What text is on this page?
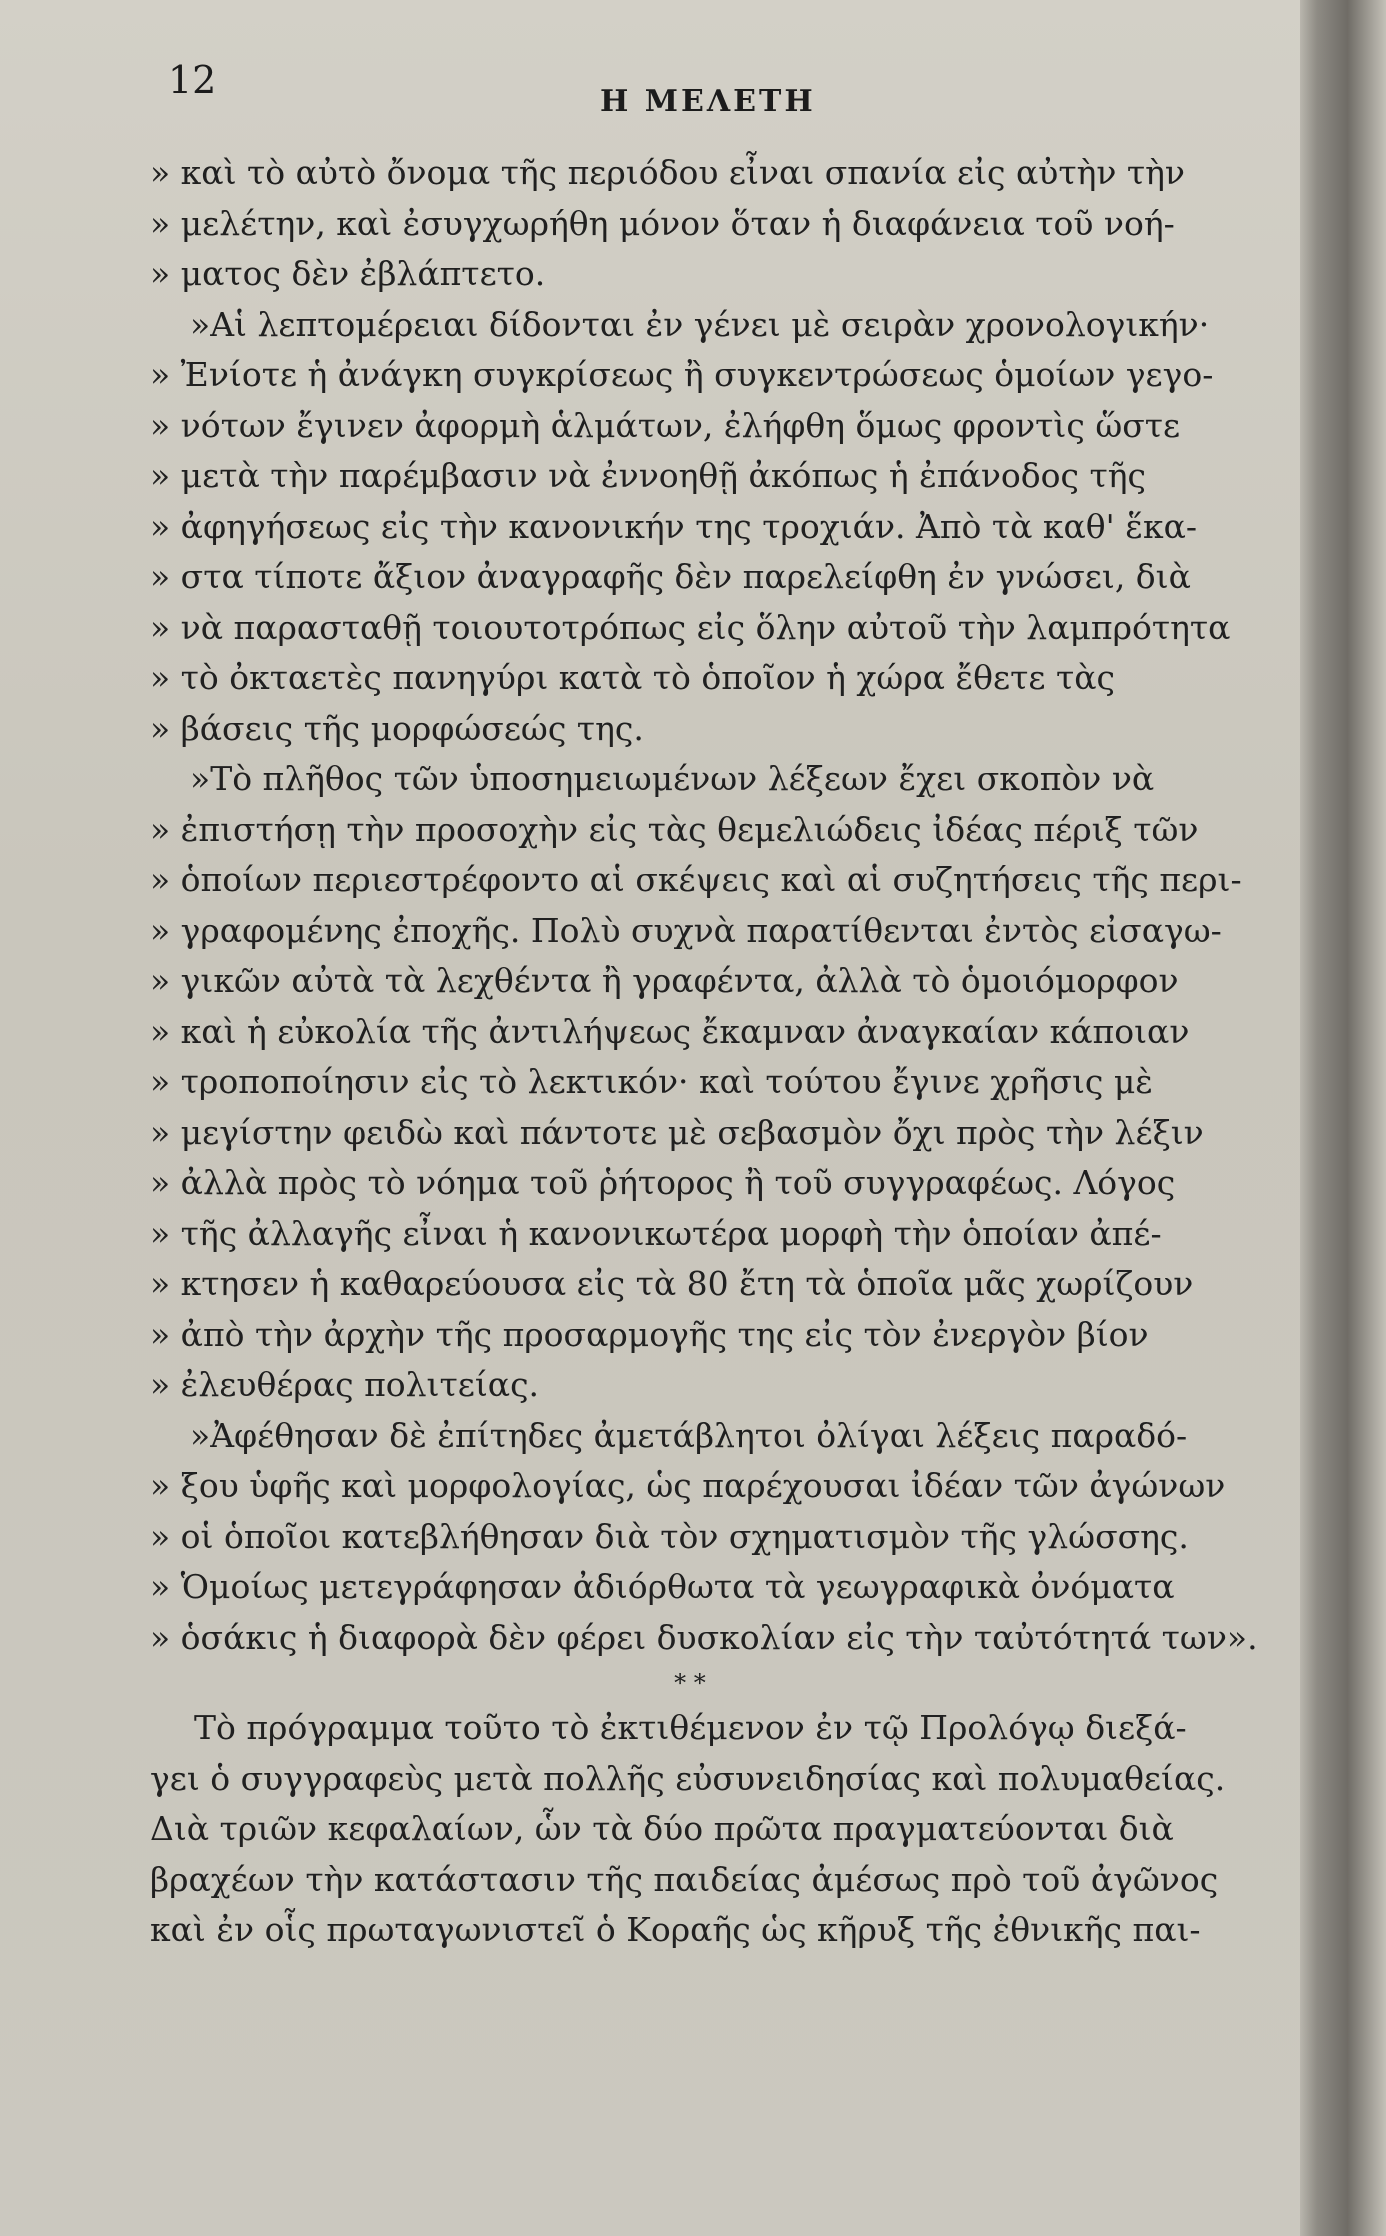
12	Η ΜΕΛΕΤΗ
» καὶ τὸ αὐτὸ ὄνομα τῆς περιόδου εἶναι σπανία εἰς αὐτὴν τὴν
» μελέτην, καὶ ἐσυγχωρήθη μόνον ὅταν ἡ διαφάνεια τοῦ νοή-
» ματος δὲν ἐβλάπτετο.
»Αἱ λεπτομέρειαι δίδονται ἐν γένει μὲ σειρὰν χρονολογικήν·
» Ἐνίοτε ἡ ἀνάγκη συγκρίσεως ἢ συγκεντρώσεως ὁμοίων γεγο-
» νότων ἔγινεν ἀφορμὴ ἁλμάτων, ἐλήφθη ὅμως φροντὶς ὥστε
» μετὰ τὴν παρέμβασιν νὰ ἐννοηθῇ ἀκόπως ἡ ἐπάνοδος τῆς
» ἀφηγήσεως εἰς τὴν κανονικήν της τροχιάν. Ἀπὸ τὰ καθ' ἕκα-
» στα τίποτε ἄξιον ἀναγραφῆς δὲν παρελείφθη ἐν γνώσει, διὰ
» νὰ παρασταθῇ τοιουτοτρόπως εἰς ὅλην αὐτοῦ τὴν λαμπρότητα
» τὸ ὀκταετὲς πανηγύρι κατὰ τὸ ὁποῖον ἡ χώρα ἔθετε τὰς
» βάσεις τῆς μορφώσεώς της.
»Τὸ πλῆθος τῶν ὑποσημειωμένων λέξεων ἔχει σκοπὸν νὰ
» ἐπιστήσῃ τὴν προσοχὴν εἰς τὰς θεμελιώδεις ἰδέας πέριξ τῶν
» ὁποίων περιεστρέφοντο αἱ σκέψεις καὶ αἱ συζητήσεις τῆς περι-
» γραφομένης ἐποχῆς. Πολὺ συχνὰ παρατίθενται ἐντὸς εἰσαγω-
» γικῶν αὐτὰ τὰ λεχθέντα ἢ γραφέντα, ἀλλὰ τὸ ὁμοιόμορφον
» καὶ ἡ εὐκολία τῆς ἀντιλήψεως ἔκαμναν ἀναγκαίαν κάποιαν
» τροποποίησιν εἰς τὸ λεκτικόν· καὶ τούτου ἔγινε χρῆσις μὲ
» μεγίστην φειδὼ καὶ πάντοτε μὲ σεβασμὸν ὄχι πρὸς τὴν λέξιν
» ἀλλὰ πρὸς τὸ νόημα τοῦ ῥήτορος ἢ τοῦ συγγραφέως. Λόγος
» τῆς ἀλλαγῆς εἶναι ἡ κανονικωτέρα μορφὴ τὴν ὁποίαν ἀπέ-
» κτησεν ἡ καθαρεύουσα εἰς τὰ 80 ἔτη τὰ ὁποῖα μᾶς χωρίζουν
» ἀπὸ τὴν ἀρχὴν τῆς προσαρμογῆς της εἰς τὸν ἐνεργὸν βίον
» ἐλευθέρας πολιτείας.
»Ἀφέθησαν δὲ ἐπίτηδες ἀμετάβλητοι ὀλίγαι λέξεις παραδό-
» ξου ὑφῆς καὶ μορφολογίας, ὡς παρέχουσαι ἰδέαν τῶν ἀγώνων
» οἱ ὁποῖοι κατεβλήθησαν διὰ τὸν σχηματισμὸν τῆς γλώσσης.
» Ὁμοίως μετεγράφησαν ἀδιόρθωτα τὰ γεωγραφικὰ ὀνόματα
» ὁσάκις ἡ διαφορὰ δὲν φέρει δυσκολίαν εἰς τὴν ταὐτότητά των».
* *
Τὸ πρόγραμμα τοῦτο τὸ ἐκτιθέμενον ἐν τῷ Προλόγῳ διεξά-
γει ὁ συγγραφεὺς μετὰ πολλῆς εὐσυνειδησίας καὶ πολυμαθείας.
Διὰ τριῶν κεφαλαίων, ὧν τὰ δύο πρῶτα πραγματεύονται διὰ
βραχέων τὴν κατάστασιν τῆς παιδείας ἀμέσως πρὸ τοῦ ἀγῶνος
καὶ ἐν οἷς πρωταγωνιστεῖ ὁ Κοραῆς ὡς κῆρυξ τῆς ἐθνικῆς παι-
